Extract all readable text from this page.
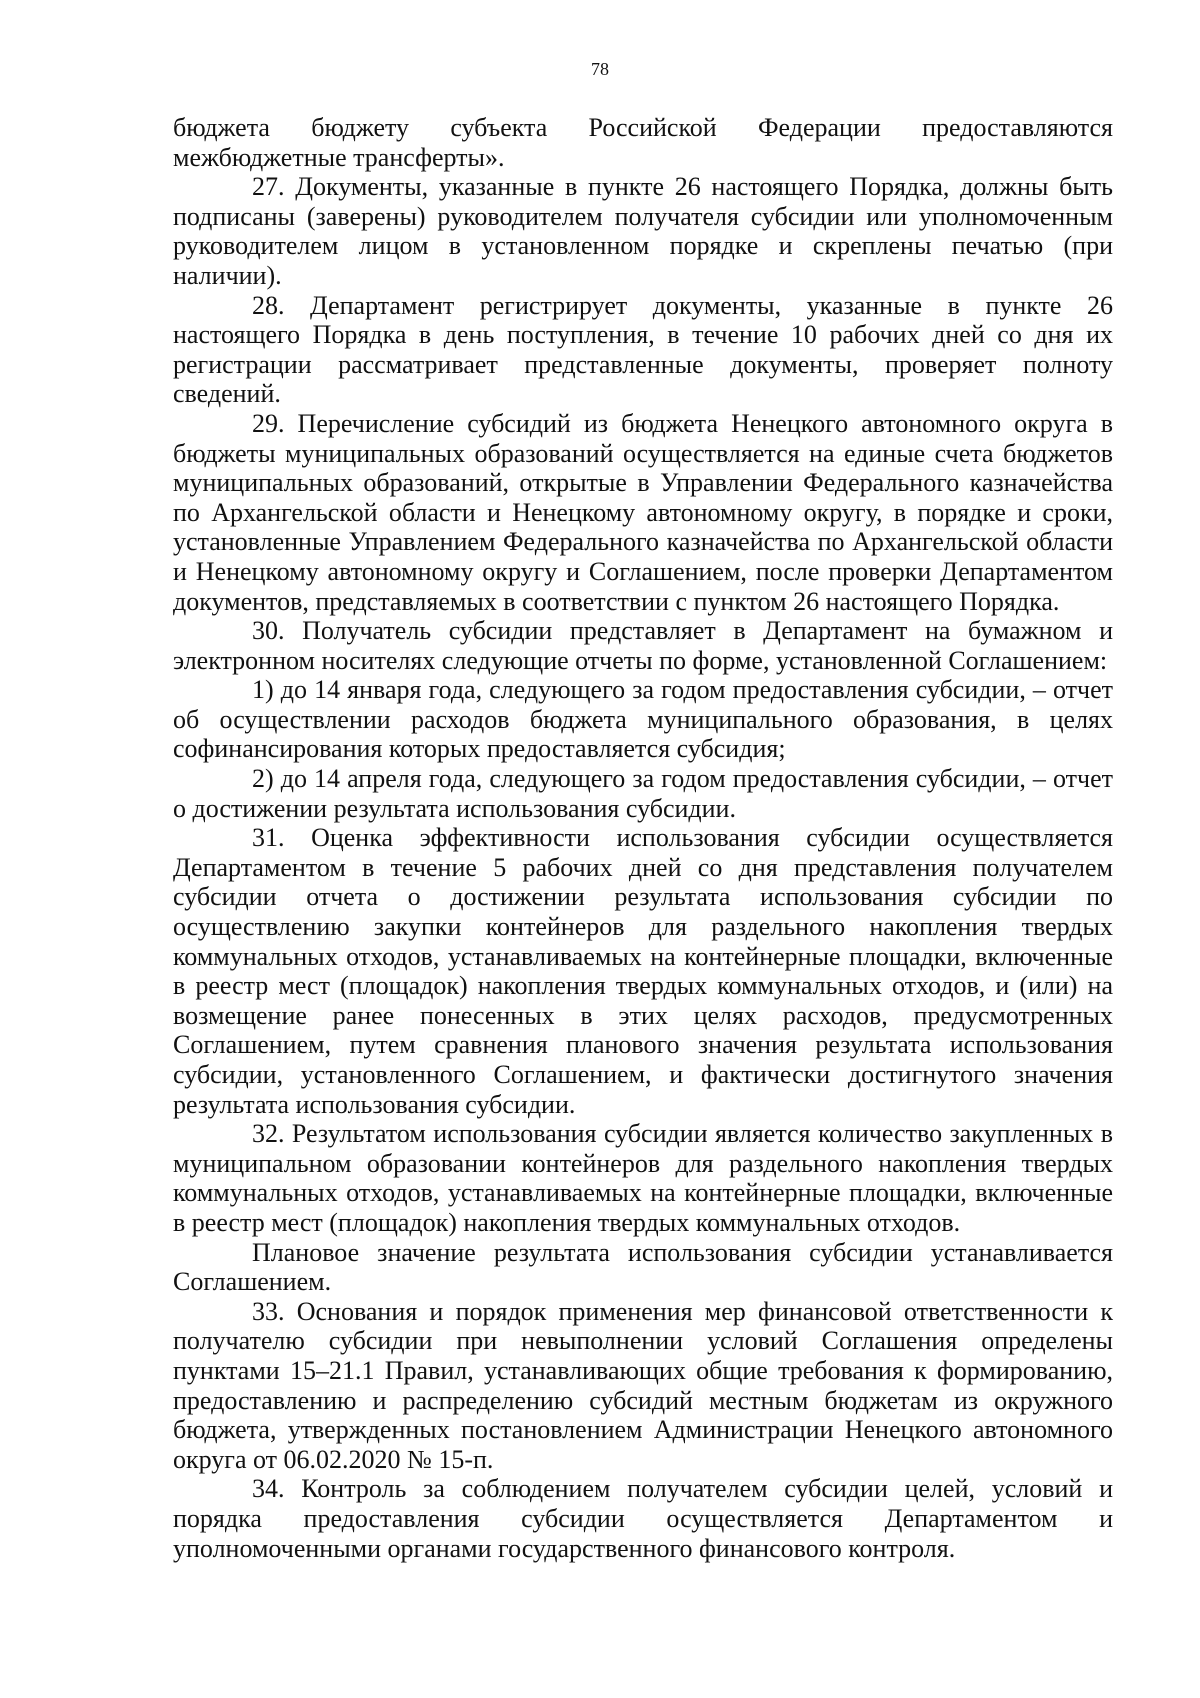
78

бюджета бюджету субъекта Российской Федерации предоставляются межбюджетные трансферты».

27. Документы, указанные в пункте 26 настоящего Порядка, должны быть подписаны (заверены) руководителем получателя субсидии или уполномоченным руководителем лицом в установленном порядке и скреплены печатью (при наличии).

28. Департамент регистрирует документы, указанные в пункте 26 настоящего Порядка в день поступления, в течение 10 рабочих дней со дня их регистрации рассматривает представленные документы, проверяет полноту сведений.

29. Перечисление субсидий из бюджета Ненецкого автономного округа в бюджеты муниципальных образований осуществляется на единые счета бюджетов муниципальных образований, открытые в Управлении Федерального казначейства по Архангельской области и Ненецкому автономному округу, в порядке и сроки, установленные Управлением Федерального казначейства по Архангельской области и Ненецкому автономному округу и Соглашением, после проверки Департаментом документов, представляемых в соответствии с пунктом 26 настоящего Порядка.

30. Получатель субсидии представляет в Департамент на бумажном и электронном носителях следующие отчеты по форме, установленной Соглашением:

1) до 14 января года, следующего за годом предоставления субсидии, – отчет об осуществлении расходов бюджета муниципального образования, в целях софинансирования которых предоставляется субсидия;

2) до 14 апреля года, следующего за годом предоставления субсидии, – отчет о достижении результата использования субсидии.

31. Оценка эффективности использования субсидии осуществляется Департаментом в течение 5 рабочих дней со дня представления получателем субсидии отчета о достижении результата использования субсидии по осуществлению закупки контейнеров для раздельного накопления твердых коммунальных отходов, устанавливаемых на контейнерные площадки, включенные в реестр мест (площадок) накопления твердых коммунальных отходов, и (или) на возмещение ранее понесенных в этих целях расходов, предусмотренных Соглашением, путем сравнения планового значения результата использования субсидии, установленного Соглашением, и фактически достигнутого значения результата использования субсидии.

32. Результатом использования субсидии является количество закупленных в муниципальном образовании контейнеров для раздельного накопления твердых коммунальных отходов, устанавливаемых на контейнерные площадки, включенные в реестр мест (площадок) накопления твердых коммунальных отходов.

Плановое значение результата использования субсидии устанавливается Соглашением.

33. Основания и порядок применения мер финансовой ответственности к получателю субсидии при невыполнении условий Соглашения определены пунктами 15–21.1 Правил, устанавливающих общие требования к формированию, предоставлению и распределению субсидий местным бюджетам из окружного бюджета, утвержденных постановлением Администрации Ненецкого автономного округа от 06.02.2020 № 15-п.

34. Контроль за соблюдением получателем субсидии целей, условий и порядка предоставления субсидии осуществляется Департаментом и уполномоченными органами государственного финансового контроля.
